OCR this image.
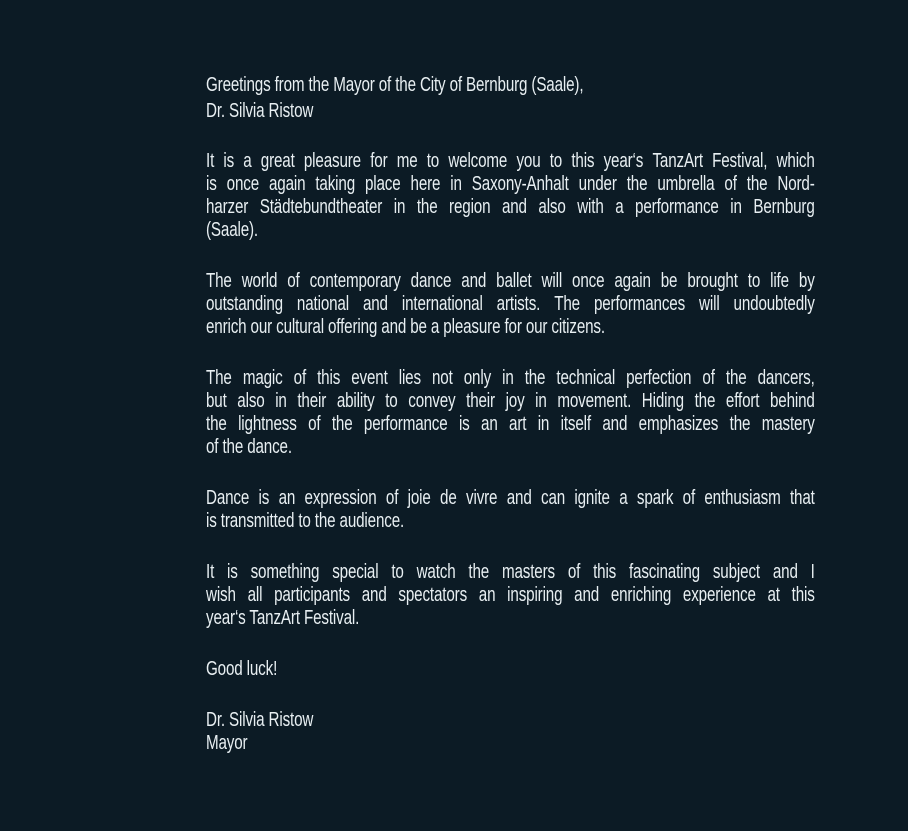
Greetings from the Mayor of the City of Bernburg (Saale),
Dr. Silvia Ristow
It is a great pleasure for me to welcome you to this year‘s TanzArt Festival, which
is once again taking place here in Saxony-Anhalt under the umbrella of the Nord-
harzer Städtebundtheater in the region and also with a performance in Bernburg
(Saale).
The world of contemporary dance and ballet will once again be brought to life by
outstanding national and international artists. The performances will undoubtedly
enrich our cultural offering and be a pleasure for our citizens.
The magic of this event lies not only in the technical perfection of the dancers,
but also in their ability to convey their joy in movement. Hiding the effort behind
the lightness of the performance is an art in itself and emphasizes the mastery
of the dance.
Dance is an expression of joie de vivre and can ignite a spark of enthusiasm that
is transmitted to the audience.
It is something special to watch the masters of this fascinating subject and I
wish all participants and spectators an inspiring and enriching experience at this
year‘s TanzArt Festival.
Good luck!
Dr. Silvia Ristow
Mayor
